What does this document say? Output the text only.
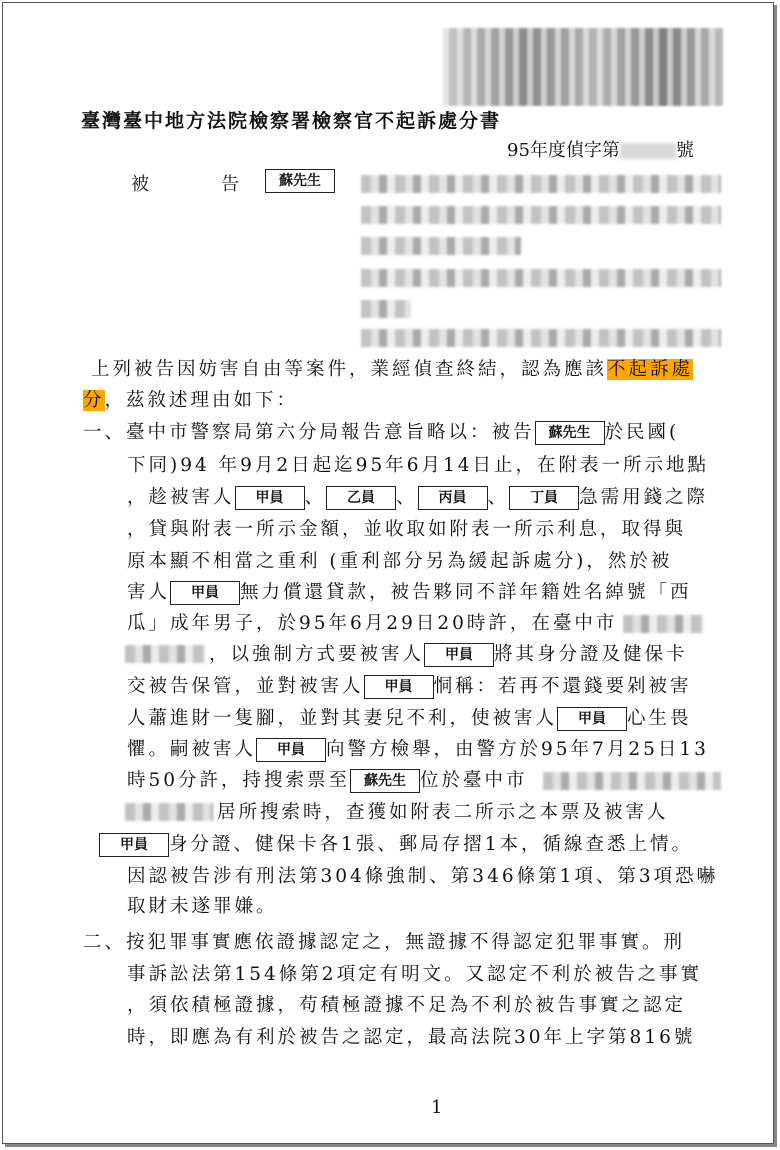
臺灣臺中地方法院檢察署檢察官不起訴處分書
95年度偵字第	號
被	告	蘇先生
上列被告因妨害自由等案件，業經偵查終結，認為應該不起訴處
分，茲敘述理由如下：
一、臺中市警察局第六分局報告意旨略以：被告 蘇先生 於民國(
下同)94 年9月2日起迄95年6月14日止，在附表一所示地點
，趁被害人 甲員 、 乙員 、 丙員 、 丁員 急需用錢之際
，貸與附表一所示金額，並收取如附表一所示利息，取得與
原本顯不相當之重利 (重利部分另為緩起訴處分)，然於被
害人 甲員 無力償還貸款，被告夥同不詳年籍姓名綽號「西
瓜」成年男子，於95年6月29日20時許，在臺中市
，以強制方式要被害人 甲員 將其身分證及健保卡
交被告保管，並對被害人 甲員 恫稱：若再不還錢要剁被害
人蕭進財一隻腳，並對其妻兒不利，使被害人 甲員 心生畏
懼。嗣被害人 甲員 向警方檢舉，由警方於95年7月25日13
時50分許，持搜索票至 蘇先生 位於臺中市
居所搜索時，查獲如附表二所示之本票及被害人
甲員 身分證、健保卡各1張、郵局存摺1本，循線查悉上情。
因認被告涉有刑法第304條強制、第346條第1項、第3項恐嚇
取財未遂罪嫌。
二、按犯罪事實應依證據認定之，無證據不得認定犯罪事實。刑
事訴訟法第154條第2項定有明文。又認定不利於被告之事實
，須依積極證據，苟積極證據不足為不利於被告事實之認定
時，即應為有利於被告之認定，最高法院30年上字第816號
1
